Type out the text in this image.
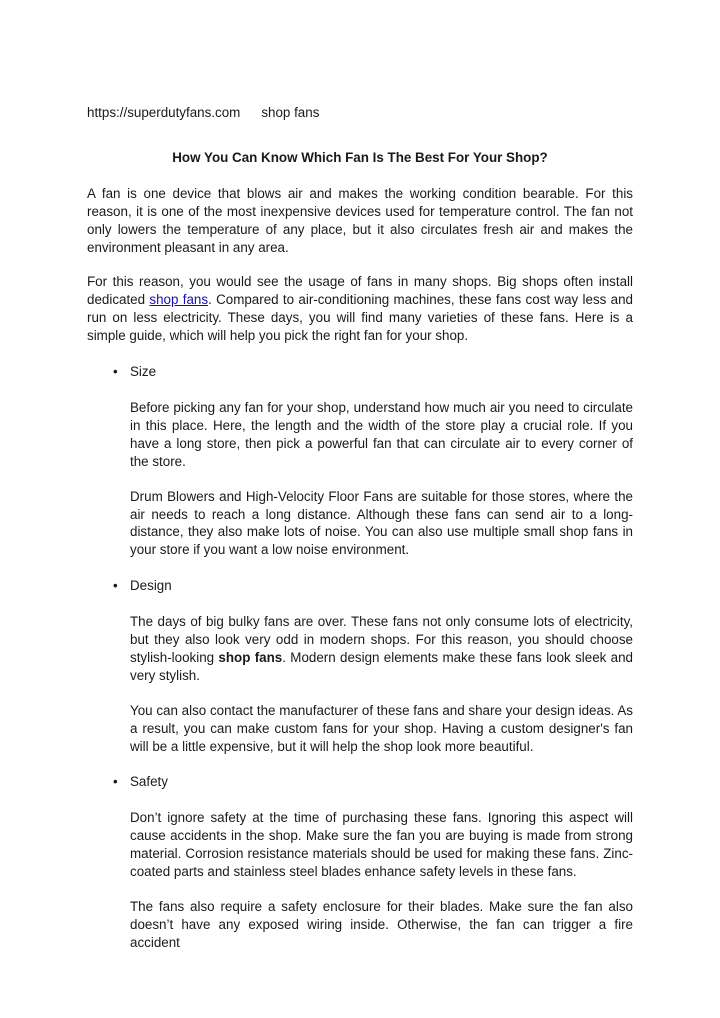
https://superdutyfans.com shop fans
How You Can Know Which Fan Is The Best For Your Shop?

A fan is one device that blows air and makes the working condition bearable. For this reason, it is one of the most inexpensive devices used for temperature control. The fan not only lowers the temperature of any place, but it also circulates fresh air and makes the environment pleasant in any area.

For this reason, you would see the usage of fans in many shops. Big shops often install dedicated shop fans. Compared to air-conditioning machines, these fans cost way less and run on less electricity. These days, you will find many varieties of these fans. Here is a simple guide, which will help you pick the right fan for your shop.

• Size

Before picking any fan for your shop, understand how much air you need to circulate in this place. Here, the length and the width of the store play a crucial role. If you have a long store, then pick a powerful fan that can circulate air to every corner of the store.

Drum Blowers and High-Velocity Floor Fans are suitable for those stores, where the air needs to reach a long distance. Although these fans can send air to a long-distance, they also make lots of noise. You can also use multiple small shop fans in your store if you want a low noise environment.

• Design

The days of big bulky fans are over. These fans not only consume lots of electricity, but they also look very odd in modern shops. For this reason, you should choose stylish-looking shop fans. Modern design elements make these fans look sleek and very stylish.

You can also contact the manufacturer of these fans and share your design ideas. As a result, you can make custom fans for your shop. Having a custom designer's fan will be a little expensive, but it will help the shop look more beautiful.

• Safety

Don’t ignore safety at the time of purchasing these fans. Ignoring this aspect will cause accidents in the shop. Make sure the fan you are buying is made from strong material. Corrosion resistance materials should be used for making these fans. Zinc-coated parts and stainless steel blades enhance safety levels in these fans.

The fans also require a safety enclosure for their blades. Make sure the fan also doesn’t have any exposed wiring inside. Otherwise, the fan can trigger a fire accident
